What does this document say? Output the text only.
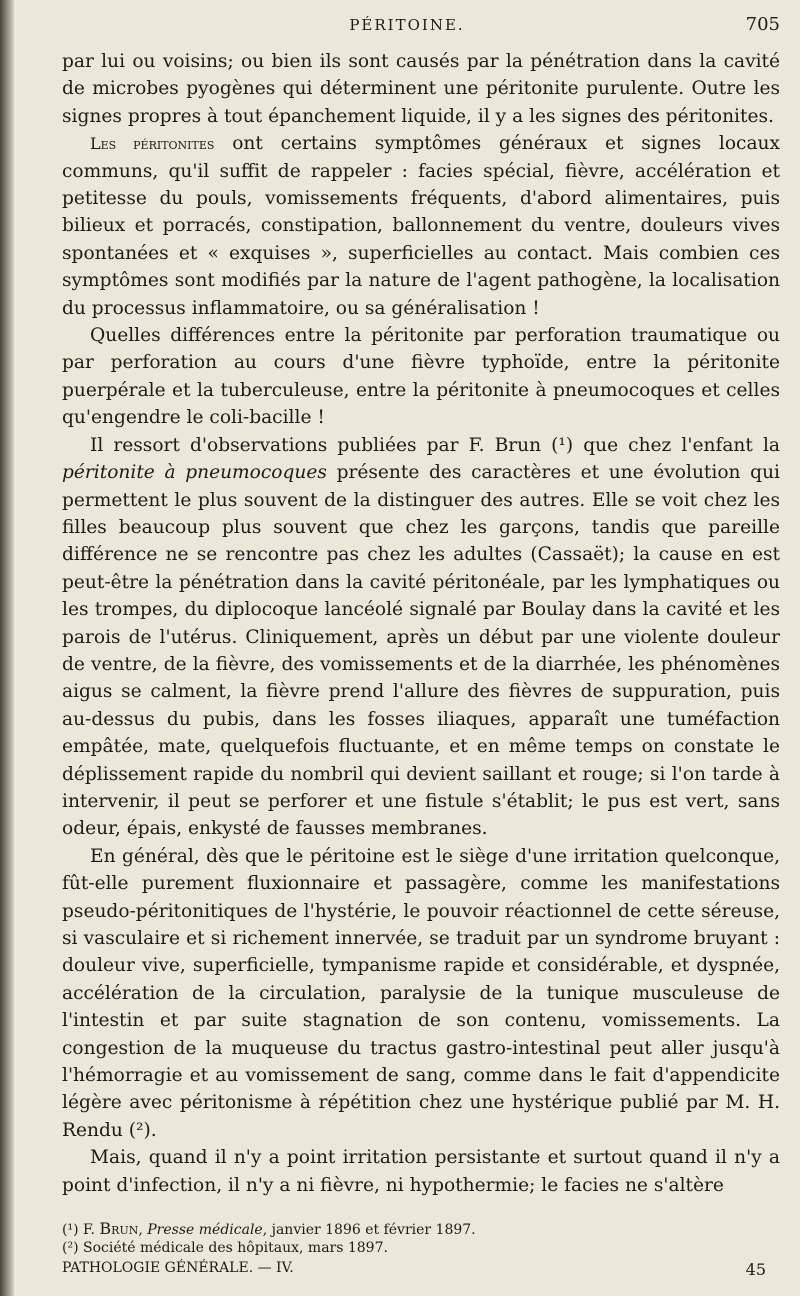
PÉRITOINE.	705

par lui ou voisins; ou bien ils sont causés par la pénétration dans la cavité de microbes pyogènes qui déterminent une péritonite purulente. Outre les signes propres à tout épanchement liquide, il y a les signes des péritonites.

Les péritonites ont certains symptômes généraux et signes locaux communs, qu'il suffit de rappeler : facies spécial, fièvre, accélération et petitesse du pouls, vomissements fréquents, d'abord alimentaires, puis bilieux et porracés, constipation, ballonnement du ventre, douleurs vives spontanées et « exquises », superficielles au contact. Mais combien ces symptômes sont modifiés par la nature de l'agent pathogène, la localisation du processus inflammatoire, ou sa généralisation !

Quelles différences entre la péritonite par perforation traumatique ou par perforation au cours d'une fièvre typhoïde, entre la péritonite puerpérale et la tuberculeuse, entre la péritonite à pneumocoques et celles qu'engendre le coli-bacille !

Il ressort d'observations publiées par F. Brun (¹) que chez l'enfant la péritonite à pneumocoques présente des caractères et une évolution qui permettent le plus souvent de la distinguer des autres. Elle se voit chez les filles beaucoup plus souvent que chez les garçons, tandis que pareille différence ne se rencontre pas chez les adultes (Cassaët); la cause en est peut-être la pénétration dans la cavité péritonéale, par les lymphatiques ou les trompes, du diplocoque lancéolé signalé par Boulay dans la cavité et les parois de l'utérus. Cliniquement, après un début par une violente douleur de ventre, de la fièvre, des vomissements et de la diarrhée, les phénomènes aigus se calment, la fièvre prend l'allure des fièvres de suppuration, puis au-dessus du pubis, dans les fosses iliaques, apparaît une tuméfaction empâtée, mate, quelquefois fluctuante, et en même temps on constate le déplissement rapide du nombril qui devient saillant et rouge; si l'on tarde à intervenir, il peut se perforer et une fistule s'établit; le pus est vert, sans odeur, épais, enkysté de fausses membranes.

En général, dès que le péritoine est le siège d'une irritation quelconque, fût-elle purement fluxionnaire et passagère, comme les manifestations pseudo-péritonitiques de l'hystérie, le pouvoir réactionnel de cette séreuse, si vasculaire et si richement innervée, se traduit par un syndrome bruyant : douleur vive, superficielle, tympanisme rapide et considérable, et dyspnée, accélération de la circulation, paralysie de la tunique musculeuse de l'intestin et par suite stagnation de son contenu, vomissements. La congestion de la muqueuse du tractus gastro-intestinal peut aller jusqu'à l'hémorragie et au vomissement de sang, comme dans le fait d'appendicite légère avec péritonisme à répétition chez une hystérique publié par M. H. Rendu (²).

Mais, quand il n'y a point irritation persistante et surtout quand il n'y a point d'infection, il n'y a ni fièvre, ni hypothermie; le facies ne s'altère

(¹) F. Brun, Presse médicale, janvier 1896 et février 1897.
(²) Société médicale des hôpitaux, mars 1897.
PATHOLOGIE GÉNÉRALE. — IV.	45
